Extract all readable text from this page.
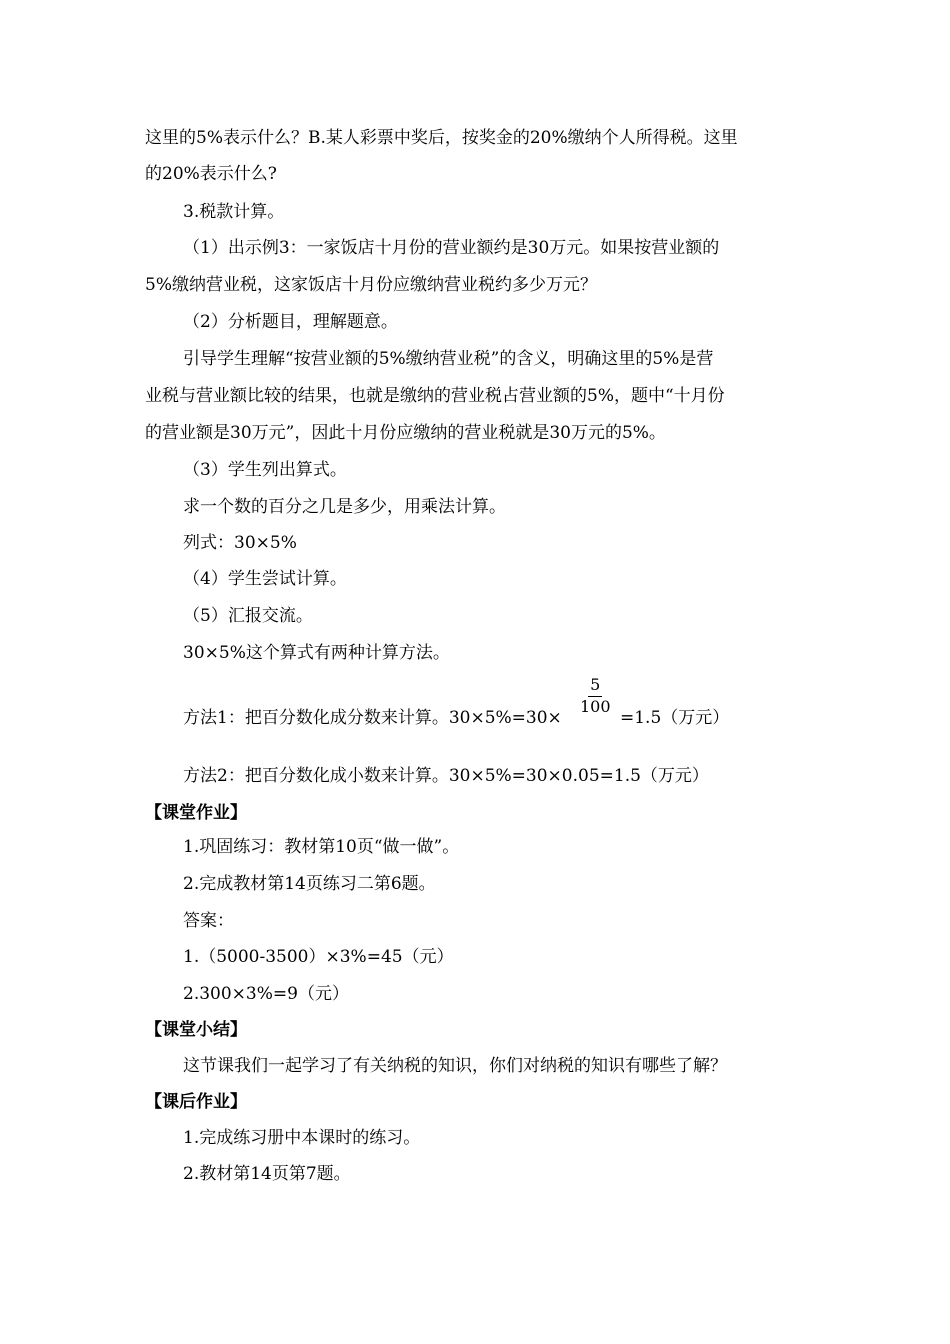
这里的5%表示什么？B.某人彩票中奖后，按奖金的20%缴纳个人所得税。这里
的20%表示什么?
3.税款计算。
（1）出示例3：一家饭店十月份的营业额约是30万元。如果按营业额的
5%缴纳营业税，这家饭店十月份应缴纳营业税约多少万元？
（2）分析题目，理解题意。
引导学生理解“按营业额的5%缴纳营业税”的含义，明确这里的5%是营
业税与营业额比较的结果，也就是缴纳的营业税占营业额的5%，题中“十月份
的营业额是30万元”，因此十月份应缴纳的营业税就是30万元的5%。
（3）学生列出算式。
求一个数的百分之几是多少，用乘法计算。
列式：30×5%
（4）学生尝试计算。
（5）汇报交流。
30×5%这个算式有两种计算方法。
方法1：把百分数化成分数来计算。30×5%=30×
$\frac{5}{100}$
=1.5（万元）
方法2：把百分数化成小数来计算。30×5%=30×0.05=1.5（万元）
【课堂作业】
1.巩固练习：教材第10页“做一做”。
2.完成教材第14页练习二第6题。
答案：
1.（5000-3500）×3%=45（元）
2.300×3%=9（元）
【课堂小结】
这节课我们一起学习了有关纳税的知识，你们对纳税的知识有哪些了解？
【课后作业】
1.完成练习册中本课时的练习。
2.教材第14页第7题。
